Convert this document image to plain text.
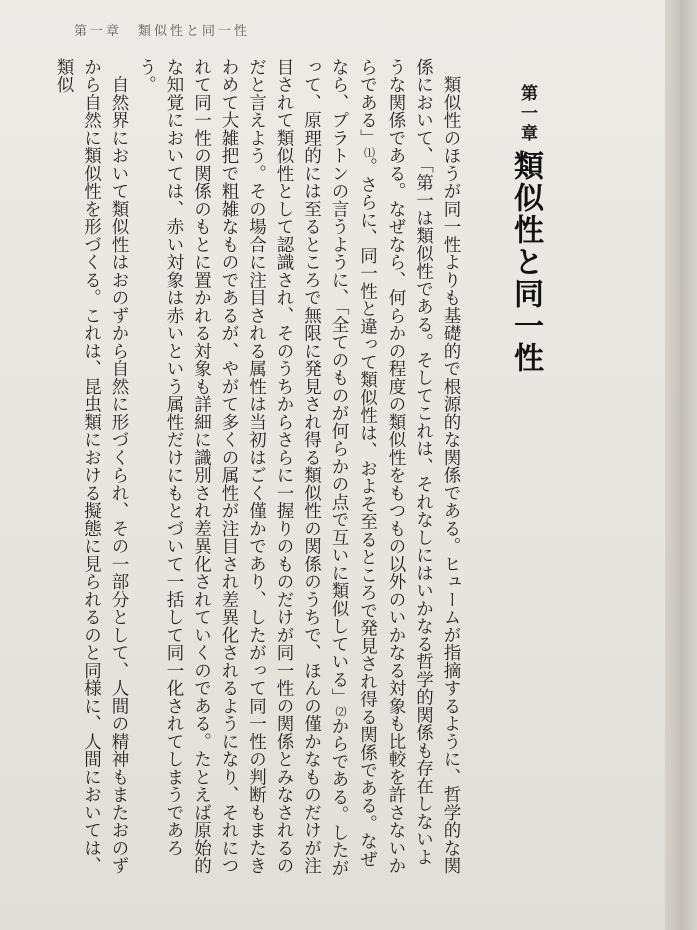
第一章 類似性と同一性
第一章
類似性と同一性

　類似性のほうが同一性よりも基礎的で根源的な関係である。ヒュームが指摘するように、哲学的な関係において、「第一は類似性である。そしてこれは、それなしにはいかなる哲学的関係も存在しないような関係である。なぜなら、何らかの程度の類似性をもつもの以外のいかなる対象も比較を許さないからである」⑴。さらに、同一性と違って類似性は、およそ至るところで発見され得る関係である。なぜなら、プラトンの言うように、「全てのものが何らかの点で互いに類似している」⑵からである。したがって、原理的には至るところで無限に発見され得る類似性の関係のうちで、ほんの僅かなものだけが注目されて類似性として認識され、そのうちからさらに一握りのものだけが同一性の関係とみなされるのだと言えよう。その場合に注目される属性は当初はごく僅かであり、したがって同一性の判断もまたきわめて大雑把で粗雑なものであるが、やがて多くの属性が注目され差異化されるようになり、それにつれて同一性の関係のもとに置かれる対象も詳細に識別され差異化されていくのである。たとえば原始的な知覚においては、赤い対象は赤いという属性だけにもとづいて一括して同一化されてしまうであろう。

　自然界において類似性はおのずから自然に形づくられ、その一部分として、人間の精神もまたおのずから自然に類似性を形づくる。これは、昆虫類における擬態に見られるのと同様に、人間においては、類似
